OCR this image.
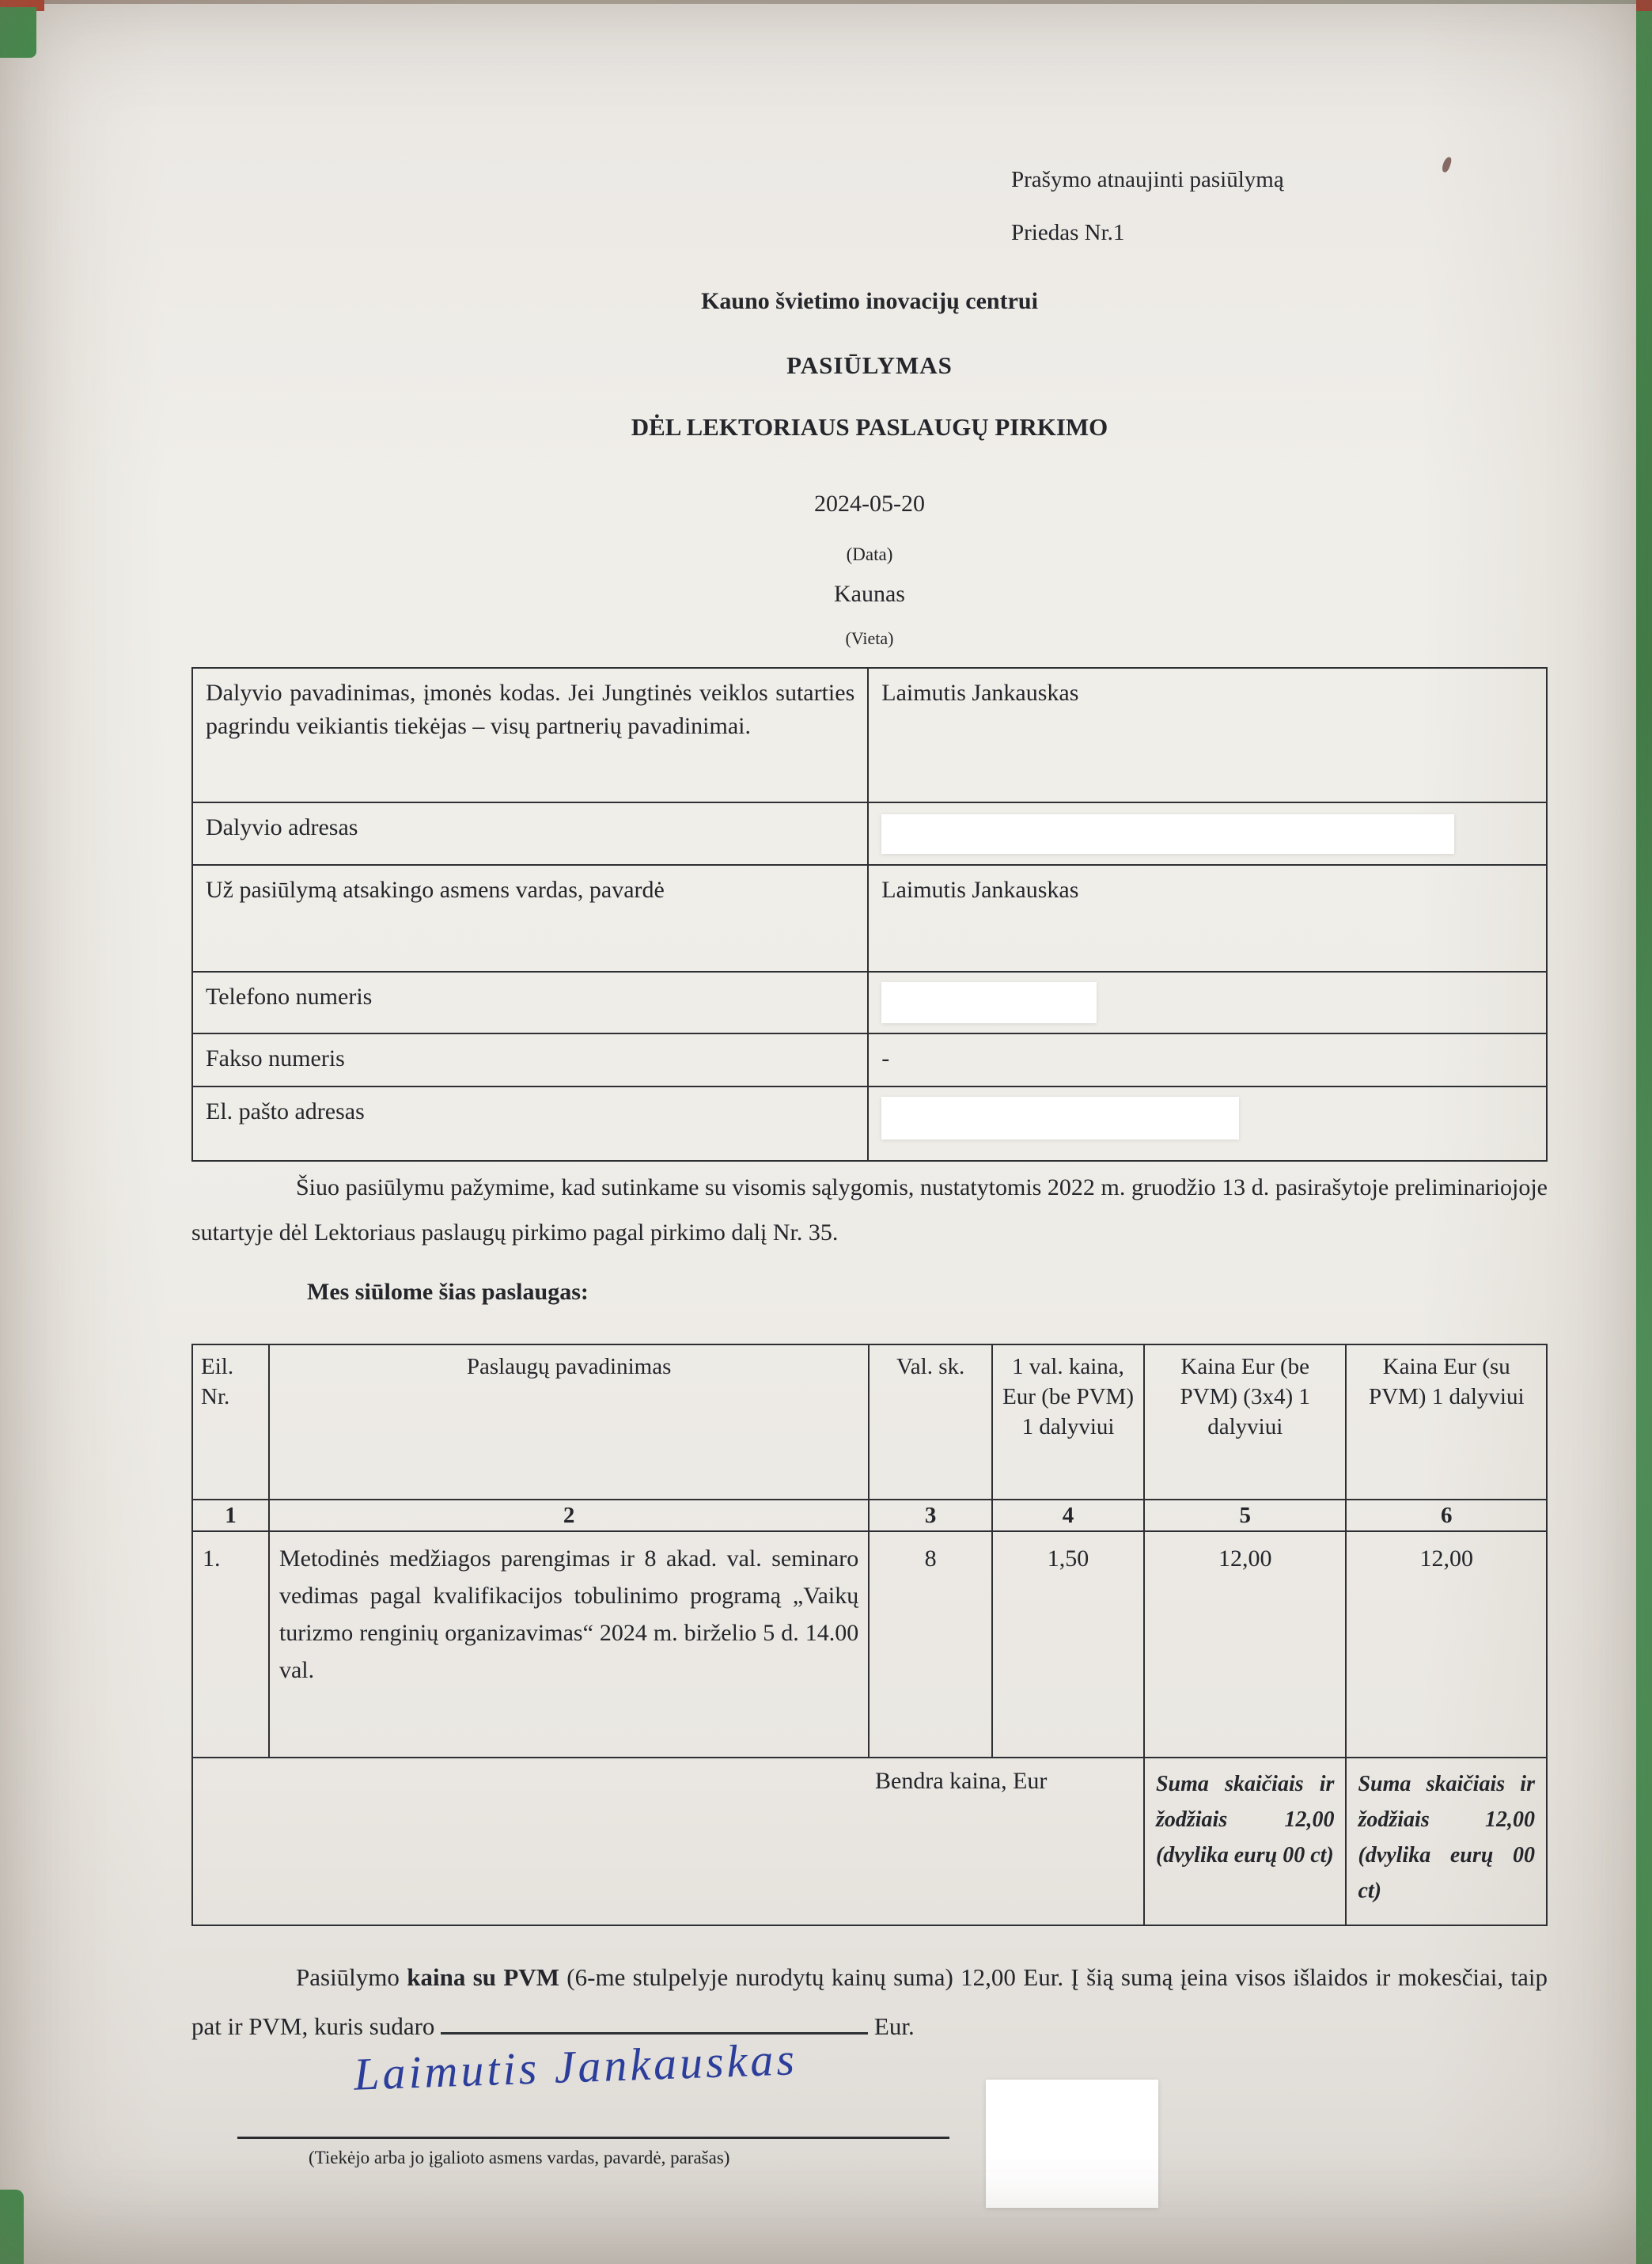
Prašymo atnaujinti pasiūlymą
Priedas Nr.1

Kauno švietimo inovacijų centrui

PASIŪLYMAS

DĖL LEKTORIAUS PASLAUGŲ PIRKIMO

2024-05-20

(Data)

Kaunas

(Vieta)

Dalyvio pavadinimas, įmonės kodas. Jei Jungtinės veiklos sutarties pagrindu veikiantis tiekėjas – visų partnerių pavadinimai.	Laimutis Jankauskas
Dalyvio adresas	

Už pasiūlymą atsakingo asmens vardas, pavardė	Laimutis Jankauskas
Telefono numeris	

Fakso numeris	-
El. pašto adresas	

Šiuo pasiūlymu pažymime, kad sutinkame su visomis sąlygomis, nustatytomis 2022 m. gruodžio 13 d. pasirašytoje preliminariojoje sutartyje dėl Lektoriaus paslaugų pirkimo pagal pirkimo dalį Nr. 35.

Mes siūlome šias paslaugas:

Eil. Nr.	Paslaugų pavadinimas	Val. sk.	1 val. kaina, Eur (be PVM) 1 dalyviui	Kaina Eur (be PVM) (3x4) 1 dalyviui	Kaina Eur (su PVM) 1 dalyviui
1	2	3	4	5	6
1.	Metodinės medžiagos parengimas ir 8 akad. val. seminaro vedimas pagal kvalifikacijos tobulinimo programą „Vaikų turizmo renginių organizavimas“ 2024 m. birželio 5 d. 14.00 val.	8	1,50	12,00	12,00
Bendra kaina, Eur				Suma skaičiais ir žodžiais 12,00 (dvylika eurų 00 ct)	Suma skaičiais ir žodžiais 12,00 (dvylika eurų 00 ct)

Pasiūlymo kaina su PVM (6-me stulpelyje nurodytų kainų suma) 12,00 Eur. Į šią sumą įeina visos išlaidos ir mokesčiai, taip pat ir PVM, kuris sudaro	Eur.

Laimutis Jankauskas
(Tiekėjo arba jo įgalioto asmens vardas, pavardė, parašas)
